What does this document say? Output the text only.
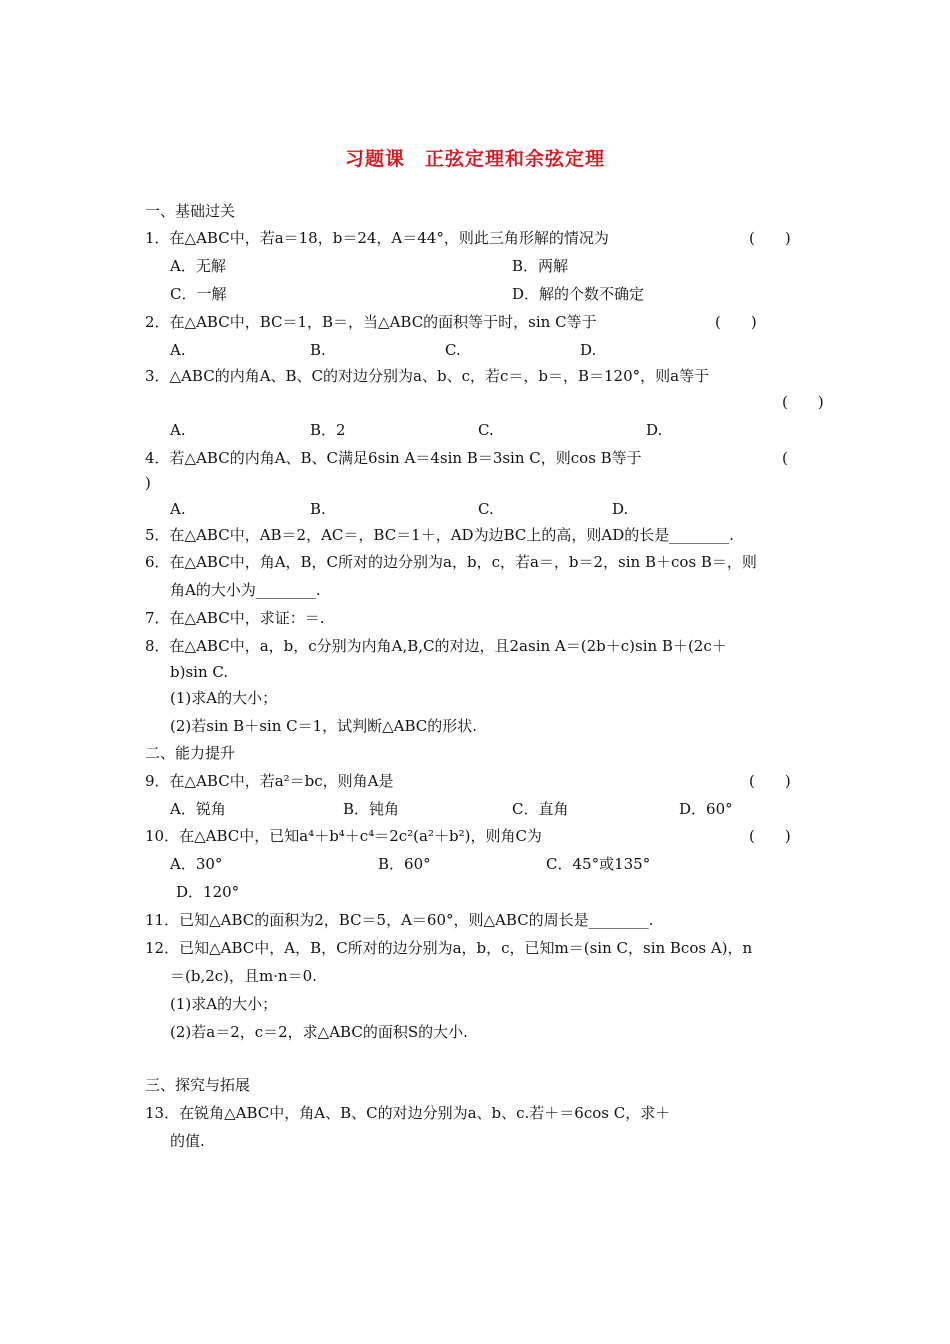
习题课　正弦定理和余弦定理
一、基础过关
1．在△ABC中，若a＝18，b＝24，A＝44°，则此三角形解的情况为	(　　)
A．无解	B．两解
C．一解	D．解的个数不确定
2．在△ABC中，BC＝1，B＝，当△ABC的面积等于时，sin C等于	(　　)
A.	B.	C.	D.
3．△ABC的内角A、B、C的对边分别为a、b、c，若c＝，b＝，B＝120°，则a等于
(　　)
A.	B．2	C.	D.
4．若△ABC的内角A、B、C满足6sin A＝4sin B＝3sin C，则cos B等于	(
)
A.	B.	C.	D.
5．在△ABC中，AB＝2，AC＝，BC＝1＋，AD为边BC上的高，则AD的长是________.
6．在△ABC中，角A，B，C所对的边分别为a，b，c，若a＝，b＝2，sin B＋cos B＝，则
角A的大小为________.
7．在△ABC中，求证：＝.
8．在△ABC中，a，b，c分别为内角A,B,C的对边，且2asin A＝(2b＋c)sin B＋(2c＋
b)sin C.
(1)求A的大小；
(2)若sin B＋sin C＝1，试判断△ABC的形状.
二、能力提升
9．在△ABC中，若a²＝bc，则角A是	(　　)
A．锐角	B．钝角	C．直角	D．60°
10．在△ABC中，已知a⁴＋b⁴＋c⁴＝2c²(a²＋b²)，则角C为	(　　)
A．30°	B．60°	C．45°或135°
D．120°
11．已知△ABC的面积为2，BC＝5，A＝60°，则△ABC的周长是________.
12．已知△ABC中，A，B，C所对的边分别为a，b，c，已知m＝(sin C，sin Bcos A)，n
＝(b,2c)，且m·n＝0.
(1)求A的大小；
(2)若a＝2，c＝2，求△ABC的面积S的大小.
三、探究与拓展
13．在锐角△ABC中，角A、B、C的对边分别为a、b、c.若＋＝6cos C，求＋
的值.
